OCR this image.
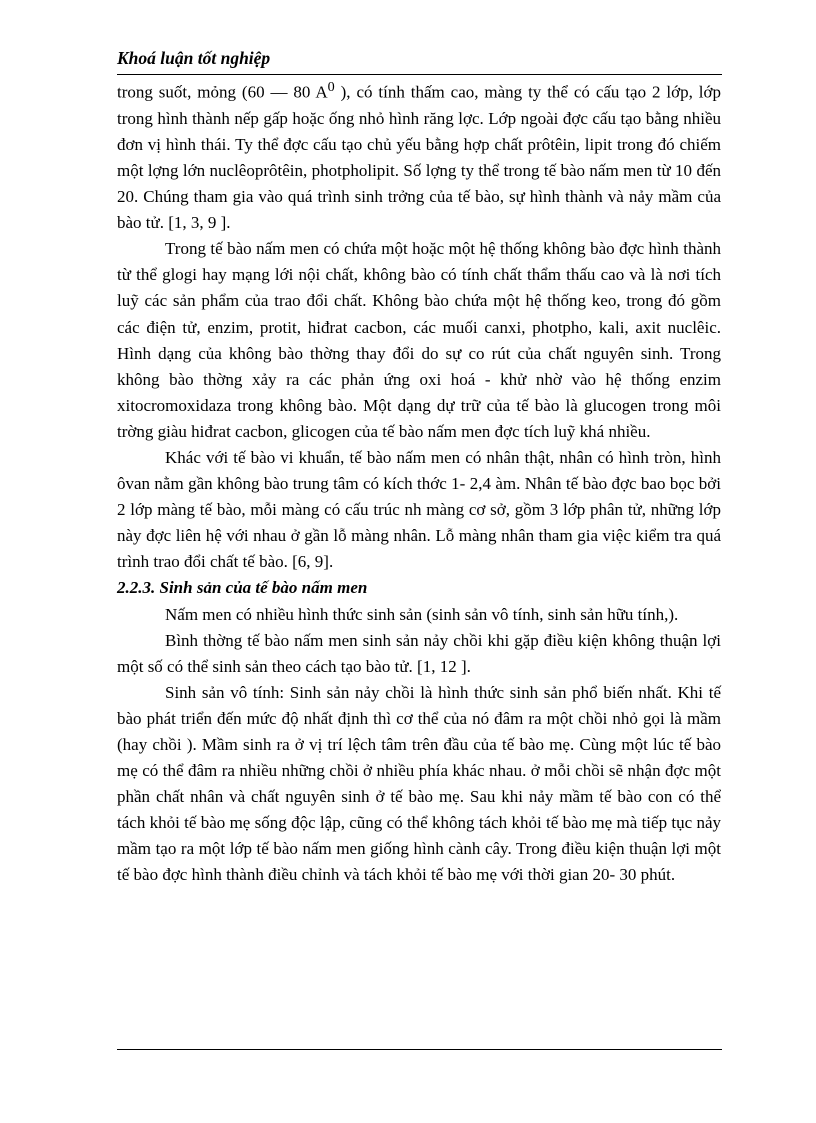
Khoá luận tốt nghiệp

trong suốt, mỏng (60 — 80 $A^0$ ), có tính thấm cao, màng ty thể có cấu tạo 2 lớp, lớp trong hình thành nếp gấp hoặc ống nhỏ hình răng lợc. Lớp ngoài đợc cấu tạo bằng nhiều đơn vị hình thái. Ty thể đợc cấu tạo chủ yếu bằng hợp chất prôtêin, lipit trong đó chiếm một lợng lớn nuclêoprôtêin, photpholipit. Số lợng ty thể trong tế bào nấm men từ 10 đến 20. Chúng tham gia vào quá trình sinh trởng của tế bào, sự hình thành và nảy mầm của bào tử. [1, 3, 9 ].

Trong tế bào nấm men có chứa một hoặc một hệ thống không bào đợc hình thành từ thể glogi hay mạng lới nội chất, không bào có tính chất thẩm thấu cao và là nơi tích luỹ các sản phẩm của trao đổi chất. Không bào chứa một hệ thống keo, trong đó gồm các điện tử, enzim, protit, hiđrat cacbon, các muối canxi, photpho, kali, axit nuclêic. Hình dạng của không bào thờng thay đổi do sự co rút của chất nguyên sinh. Trong không bào thờng xảy ra các phản ứng oxi hoá - khử nhờ vào hệ thống enzim xitocromoxidaza trong không bào. Một dạng dự trữ của tế bào là glucogen trong môi trờng giàu hiđrat cacbon, glicogen của tế bào nấm men đợc tích luỹ khá nhiều.

Khác với tế bào vi khuẩn, tế bào nấm men có nhân thật, nhân có hình tròn, hình ôvan nằm gần không bào trung tâm có kích thớc 1- 2,4 àm. Nhân tế bào đợc bao bọc bởi 2 lớp màng tế bào, mỗi màng có cấu trúc nh màng cơ sở, gồm 3 lớp phân tử, những lớp này đợc liên hệ với nhau ở gần lỗ màng nhân. Lỗ màng nhân tham gia việc kiểm tra quá trình trao đổi chất tế bào. [6, 9].

2.2.3. Sinh sản của tế bào nấm men

Nấm men có nhiều hình thức sinh sản (sinh sản vô tính, sinh sản hữu tính,).

Bình thờng tế bào nấm men sinh sản nảy chồi khi gặp điều kiện không thuận lợi một số có thể sinh sản theo cách tạo bào tử. [1, 12 ].

Sinh sản vô tính: Sinh sản nảy chồi là hình thức sinh sản phổ biến nhất. Khi tế bào phát triển đến mức độ nhất định thì cơ thể của nó đâm ra một chồi nhỏ gọi là mầm (hay chồi ). Mầm sinh ra ở vị trí lệch tâm trên đầu của tế bào mẹ. Cùng một lúc tế bào mẹ có thể đâm ra nhiều những chồi ở nhiều phía khác nhau. ở mỗi chồi sẽ nhận đợc một phần chất nhân và chất nguyên sinh ở tế bào mẹ. Sau khi nảy mầm tế bào con có thể tách khỏi tế bào mẹ sống độc lập, cũng có thể không tách khỏi tế bào mẹ mà tiếp tục nảy mầm tạo ra một lớp tế bào nấm men giống hình cành cây. Trong điều kiện thuận lợi một tế bào đợc hình thành điều chỉnh và tách khỏi tế bào mẹ với thời gian 20- 30 phút.
